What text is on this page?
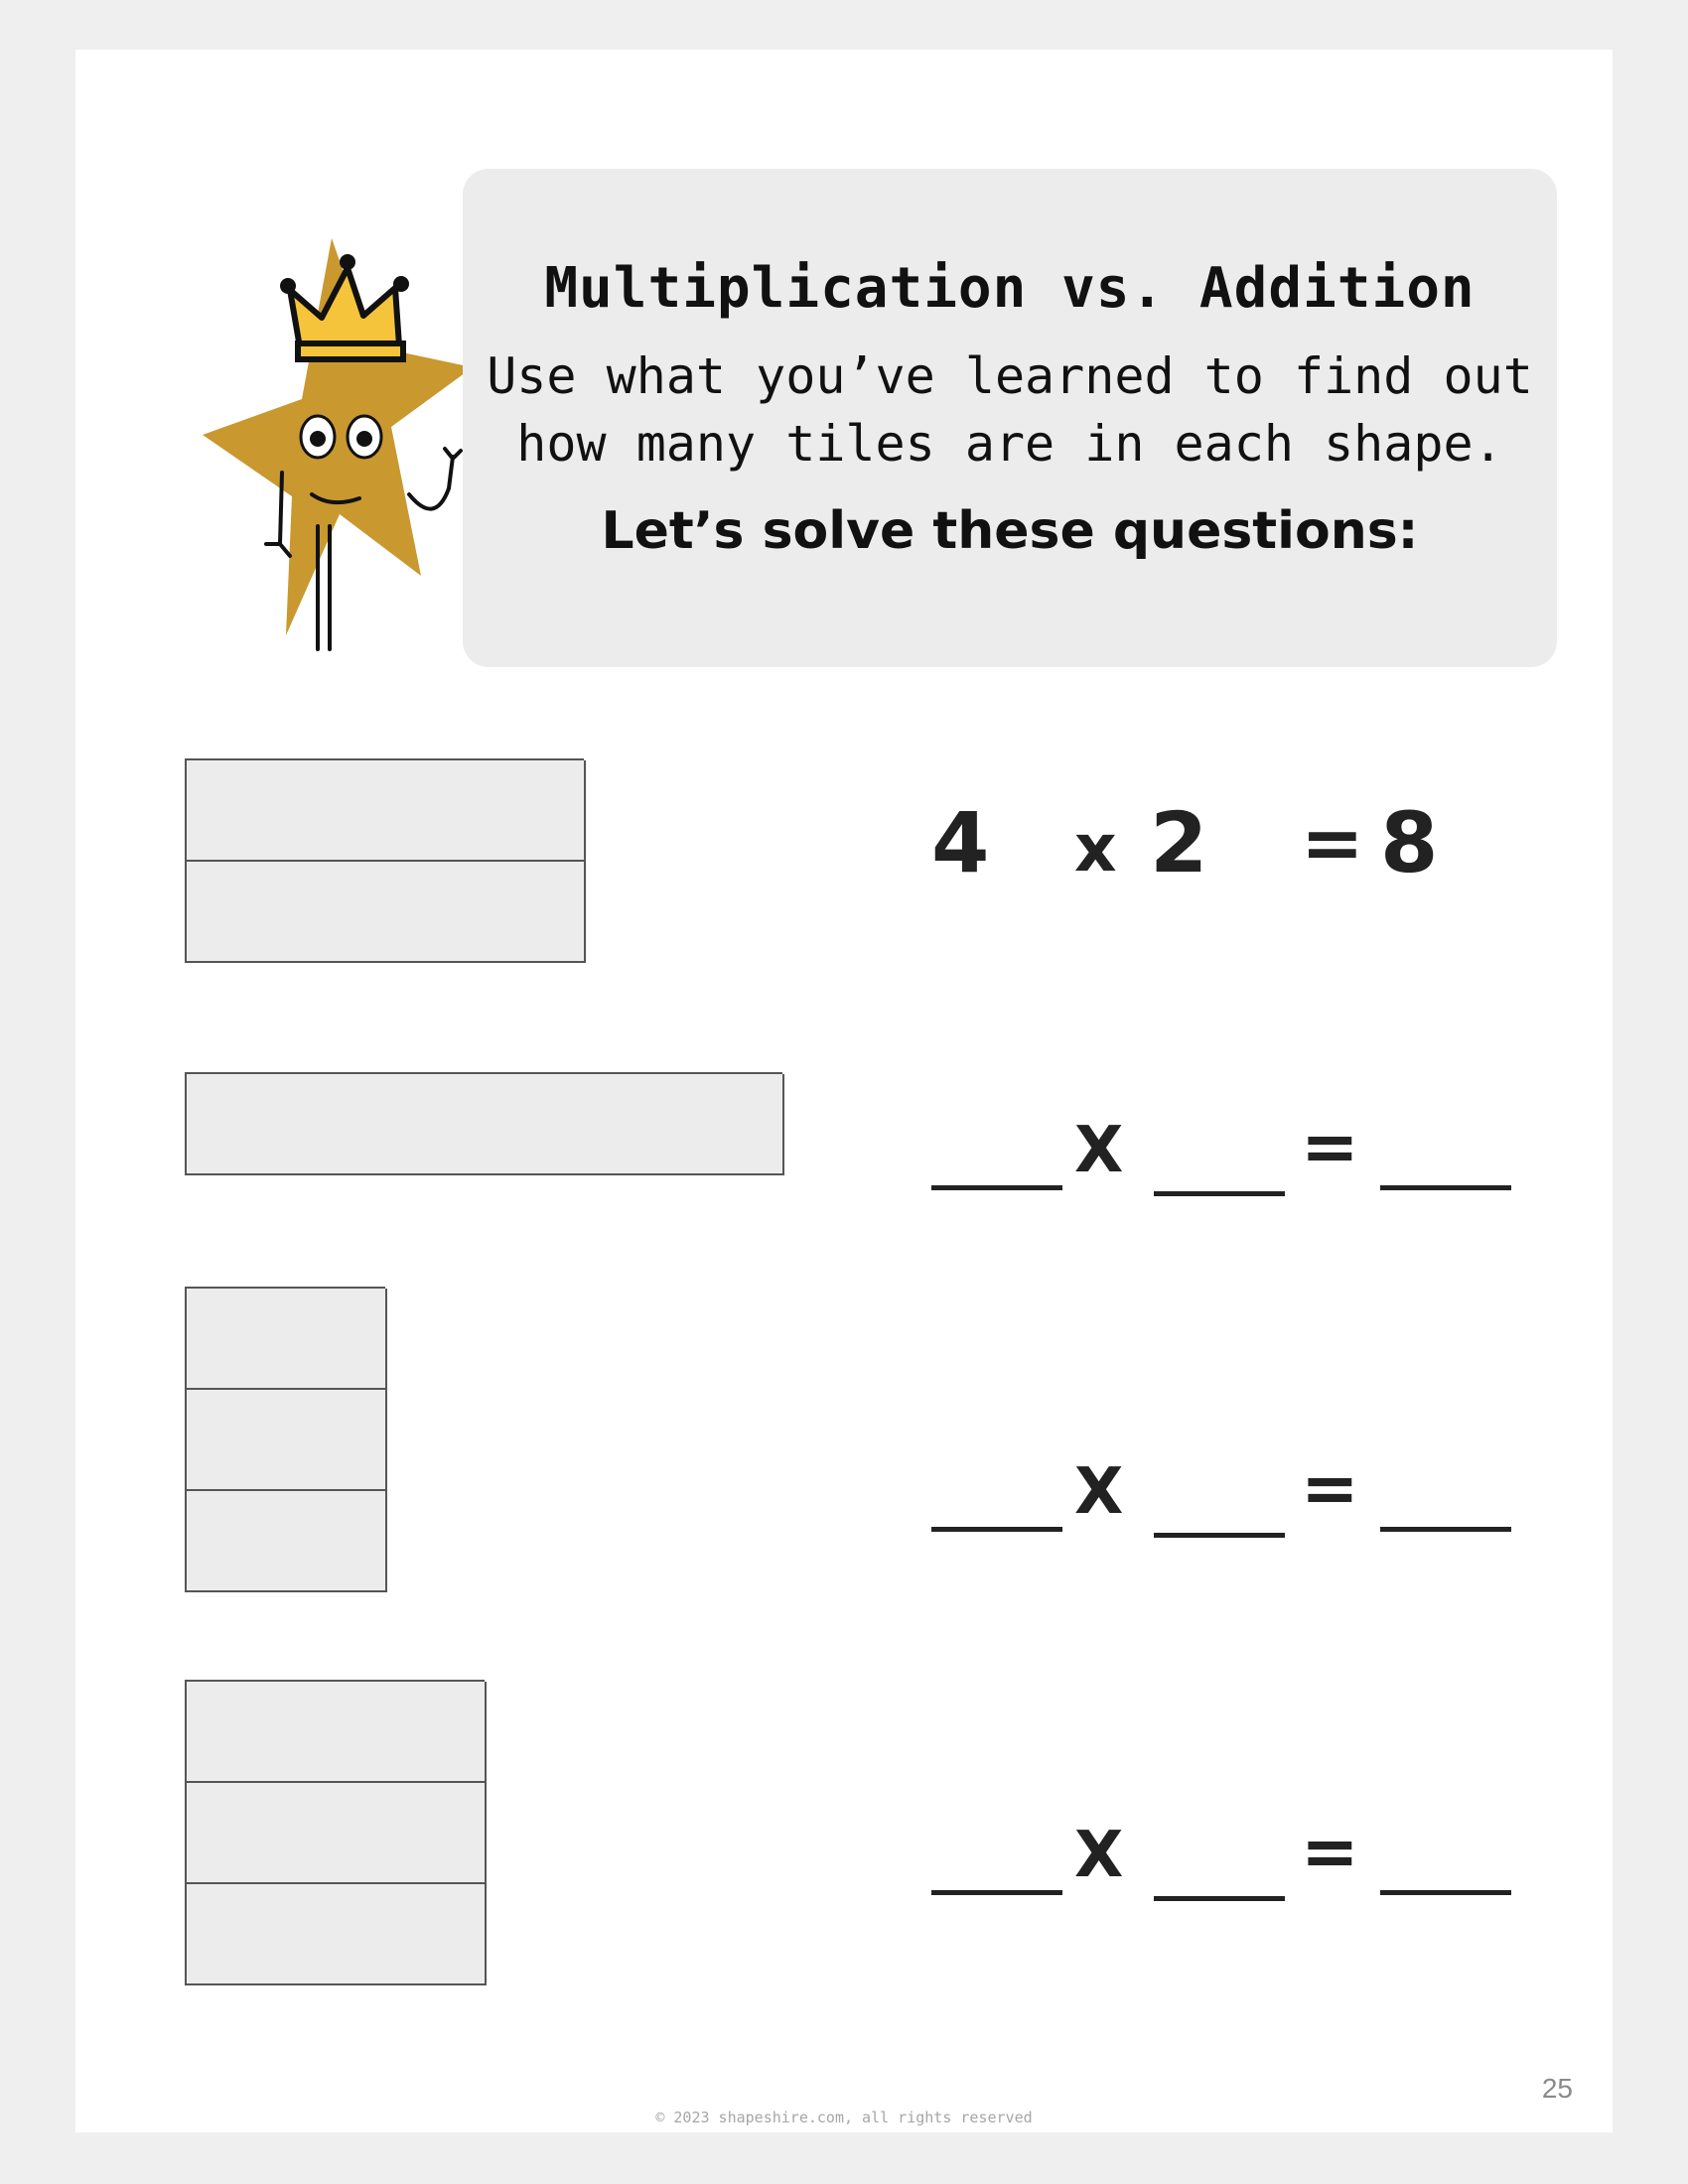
Multiplication vs. Addition

Use what you’ve learned to find out
how many tiles are in each shape.

Let’s solve these questions:

4 x 2 = 8
X	=
X	=
X	=
25
© 2023 shapeshire.com, all rights reserved
